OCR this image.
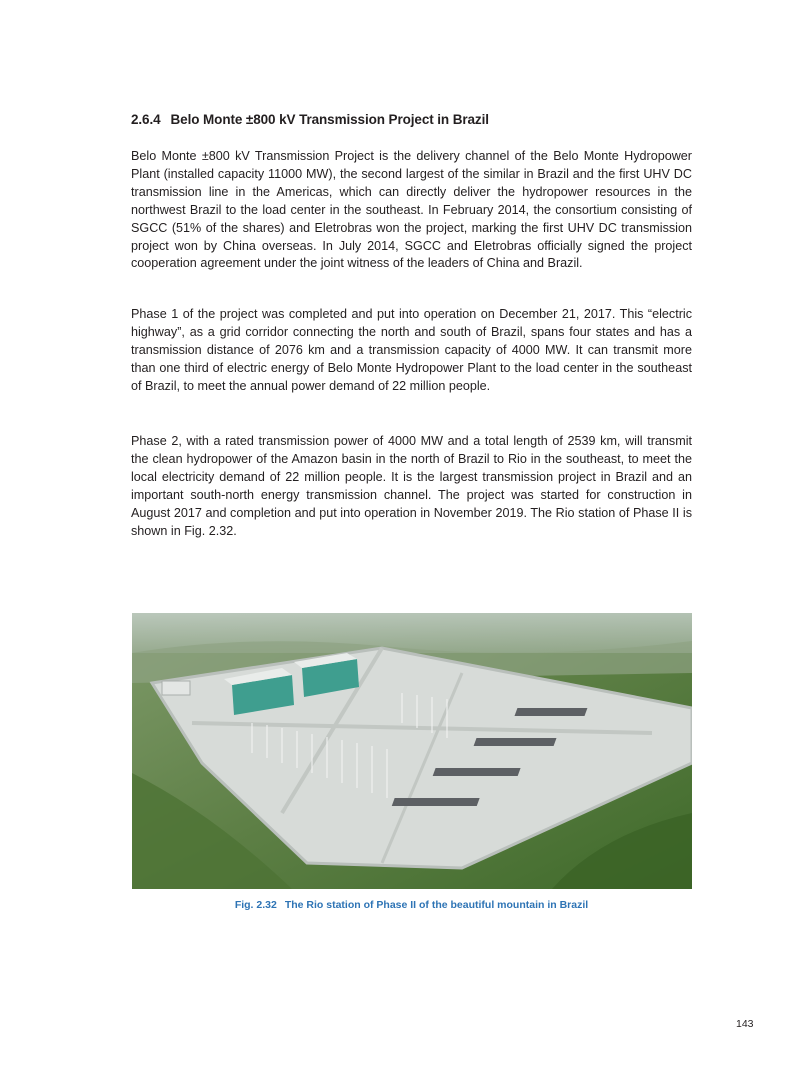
2.6.4 Belo Monte ±800 kV Transmission Project in Brazil

Belo Monte ±800 kV Transmission Project is the delivery channel of the Belo Monte Hydropower Plant (installed capacity 11000 MW), the second largest of the similar in Brazil and the first UHV DC transmission line in the Americas, which can directly deliver the hydropower resources in the northwest Brazil to the load center in the southeast. In February 2014, the consortium consisting of SGCC (51% of the shares) and Eletrobras won the project, marking the first UHV DC transmission project won by China overseas. In July 2014, SGCC and Eletrobras officially signed the project cooperation agreement under the joint witness of the leaders of China and Brazil.

Phase 1 of the project was completed and put into operation on December 21, 2017. This “electric highway”, as a grid corridor connecting the north and south of Brazil, spans four states and has a transmission distance of 2076 km and a transmission capacity of 4000 MW. It can transmit more than one third of electric energy of Belo Monte Hydropower Plant to the load center in the southeast of Brazil, to meet the annual power demand of 22 million people.

Phase 2, with a rated transmission power of 4000 MW and a total length of 2539 km, will transmit the clean hydropower of the Amazon basin in the north of Brazil to Rio in the southeast, to meet the local electricity demand of 22 million people. It is the largest transmission project in Brazil and an important south-north energy transmission channel. The project was started for construction in August 2017 and completion and put into operation in November 2019. The Rio station of Phase II is shown in Fig. 2.32.

Fig. 2.32 The Rio station of Phase II of the beautiful mountain in Brazil
143
